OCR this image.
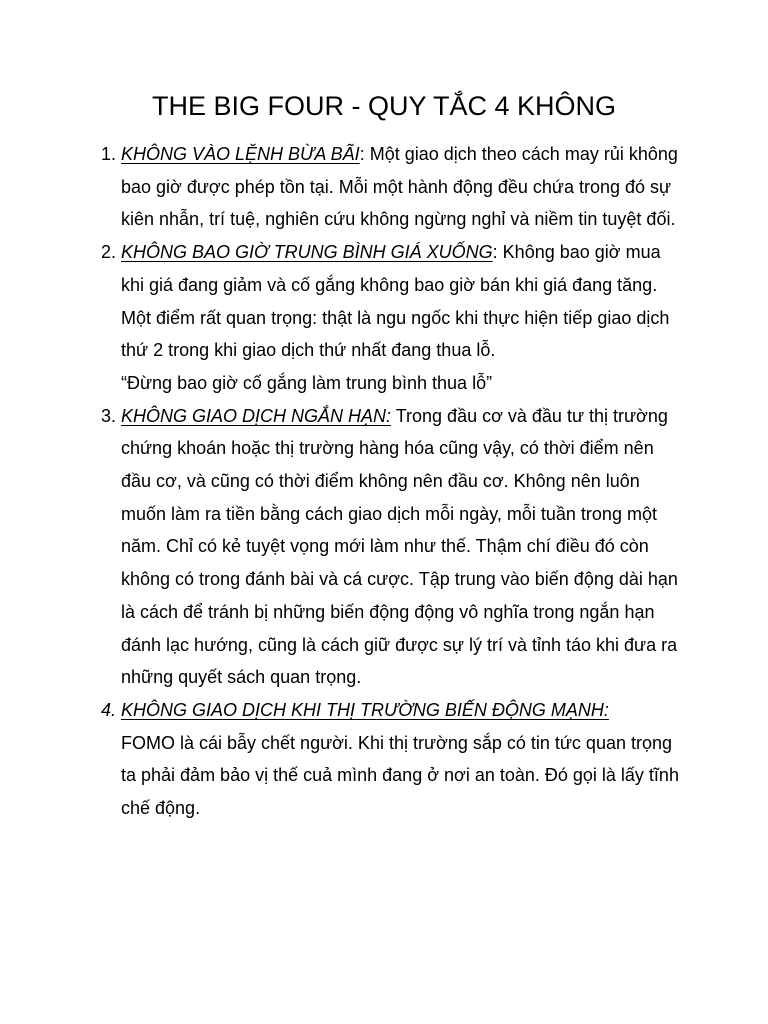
THE BIG FOUR - QUY TẮC 4 KHÔNG
1. KHÔNG VÀO LỆNH BỪA BÃI: Một giao dịch theo cách may rủi không bao giờ được phép tồn tại. Mỗi một hành động đều chứa trong đó sự kiên nhẫn, trí tuệ, nghiên cứu không ngừng nghỉ và niềm tin tuyệt đối.
2. KHÔNG BAO GIỜ TRUNG BÌNH GIÁ XUỐNG: Không bao giờ mua khi giá đang giảm và cố gắng không bao giờ bán khi giá đang tăng. Một điểm rất quan trọng: thật là ngu ngốc khi thực hiện tiếp giao dịch thứ 2 trong khi giao dịch thứ nhất đang thua lỗ.
“Đừng bao giờ cố gắng làm trung bình thua lỗ”
3. KHÔNG GIAO DỊCH NGẮN HẠN: Trong đầu cơ và đầu tư thị trường chứng khoán hoặc thị trường hàng hóa cũng vậy, có thời điểm nên đầu cơ, và cũng có thời điểm không nên đầu cơ. Không nên luôn muốn làm ra tiền bằng cách giao dịch mỗi ngày, mỗi tuần trong một năm. Chỉ có kẻ tuyệt vọng mới làm như thế. Thậm chí điều đó còn không có trong đánh bài và cá cược. Tập trung vào biến động dài hạn là cách để tránh bị những biến động động vô nghĩa trong ngắn hạn đánh lạc hướng, cũng là cách giữ được sự lý trí và tỉnh táo khi đưa ra những quyết sách quan trọng.
4. KHÔNG GIAO DỊCH KHI THỊ TRƯỜNG BIẾN ĐỘNG MẠNH:
FOMO là cái bẫy chết người. Khi thị trường sắp có tin tức quan trọng ta phải đảm bảo vị thế cuả mình đang ở nơi an toàn. Đó gọi là lấy tĩnh chế động.
